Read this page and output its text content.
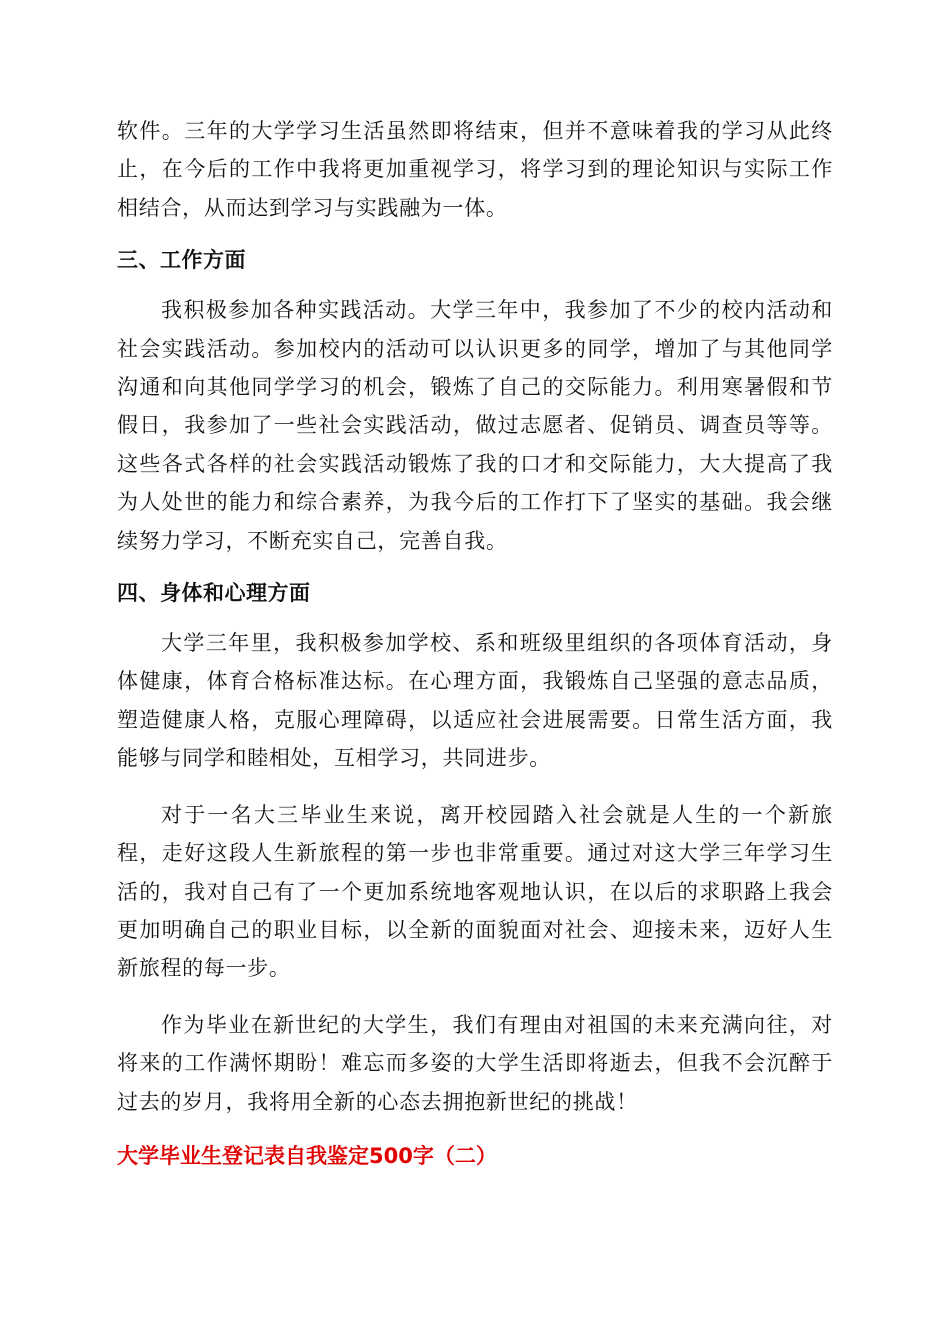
软件。三年的大学学习生活虽然即将结束，但并不意味着我的学习从此终止，在今后的工作中我将更加重视学习，将学习到的理论知识与实际工作相结合，从而达到学习与实践融为一体。

三、工作方面

我积极参加各种实践活动。大学三年中，我参加了不少的校内活动和社会实践活动。参加校内的活动可以认识更多的同学，增加了与其他同学沟通和向其他同学学习的机会，锻炼了自己的交际能力。利用寒暑假和节假日，我参加了一些社会实践活动，做过志愿者、促销员、调查员等等。这些各式各样的社会实践活动锻炼了我的口才和交际能力，大大提高了我为人处世的能力和综合素养，为我今后的工作打下了坚实的基础。我会继续努力学习，不断充实自己，完善自我。

四、身体和心理方面

大学三年里，我积极参加学校、系和班级里组织的各项体育活动，身体健康，体育合格标准达标。在心理方面，我锻炼自己坚强的意志品质，塑造健康人格，克服心理障碍，以适应社会进展需要。日常生活方面，我能够与同学和睦相处，互相学习，共同进步。

对于一名大三毕业生来说，离开校园踏入社会就是人生的一个新旅程，走好这段人生新旅程的第一步也非常重要。通过对这大学三年学习生活的，我对自己有了一个更加系统地客观地认识，在以后的求职路上我会更加明确自己的职业目标，以全新的面貌面对社会、迎接未来，迈好人生新旅程的每一步。

作为毕业在新世纪的大学生，我们有理由对祖国的未来充满向往，对将来的工作满怀期盼！难忘而多姿的大学生活即将逝去，但我不会沉醉于过去的岁月，我将用全新的心态去拥抱新世纪的挑战！

大学毕业生登记表自我鉴定500字（二）
